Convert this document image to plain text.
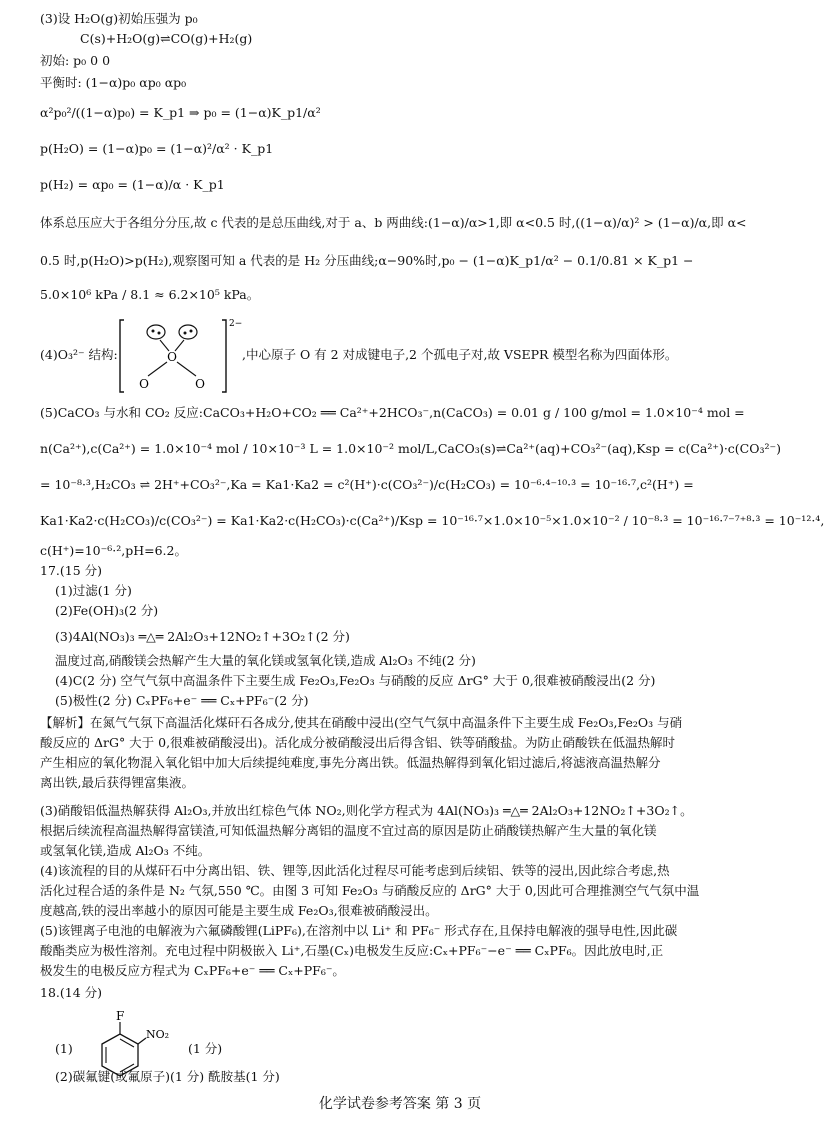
(3)设 H₂O(g)初始压强为 p₀
C(s)+H₂O(g)⇌CO(g)+H₂(g)
初始: p₀ 0 0
平衡时: (1−α)p₀ αp₀ αp₀
α²p₀²/((1−α)p₀) = K_p1 ⇒ p₀ = (1−α)K_p1/α²
p(H₂O) = (1−α)p₀ = (1−α)²/α² · K_p1
p(H₂) = αp₀ = (1−α)/α · K_p1
体系总压应大于各组分分压,故 c 代表的是总压曲线,对于 a、b 两曲线:(1−α)/α>1,即 α<0.5 时,((1−α)/α)² > (1−α)/α,即 α<
0.5 时,p(H₂O)>p(H₂),观察图可知 a 代表的是 H₂ 分压曲线;α−90%时,p₀ − (1−α)K_p1/α² − 0.1/0.81 × K_p1 −
5.0×10⁶ kPa / 8.1 ≈ 6.2×10⁵ kPa。
(4)O₃²⁻ 结构:	O
O	O
2−
,中心原子 O 有 2 对成键电子,2 个孤电子对,故 VSEPR 模型名称为四面体形。
(5)CaCO₃ 与水和 CO₂ 反应:CaCO₃+H₂O+CO₂ ══ Ca²⁺+2HCO₃⁻,n(CaCO₃) = 0.01 g / 100 g/mol = 1.0×10⁻⁴ mol =
n(Ca²⁺),c(Ca²⁺) = 1.0×10⁻⁴ mol / 10×10⁻³ L = 1.0×10⁻² mol/L,CaCO₃(s)⇌Ca²⁺(aq)+CO₃²⁻(aq),Ksp = c(Ca²⁺)·c(CO₃²⁻)
= 10⁻⁸·³,H₂CO₃ ⇌ 2H⁺+CO₃²⁻,Ka = Ka1·Ka2 = c²(H⁺)·c(CO₃²⁻)/c(H₂CO₃) = 10⁻⁶·⁴⁻¹⁰·³ = 10⁻¹⁶·⁷,c²(H⁺) =
Ka1·Ka2·c(H₂CO₃)/c(CO₃²⁻) = Ka1·Ka2·c(H₂CO₃)·c(Ca²⁺)/Ksp = 10⁻¹⁶·⁷×1.0×10⁻⁵×1.0×10⁻² / 10⁻⁸·³ = 10⁻¹⁶·⁷⁻⁷⁺⁸·³ = 10⁻¹²·⁴,
c(H⁺)=10⁻⁶·²,pH=6.2。
17.(15 分)
(1)过滤(1 分)
(2)Fe(OH)₃(2 分)
(3)4Al(NO₃)₃ ═△═ 2Al₂O₃+12NO₂↑+3O₂↑(2 分)
温度过高,硝酸镁会热解产生大量的氧化镁或氢氧化镁,造成 Al₂O₃ 不纯(2 分)
(4)C(2 分) 空气气氛中高温条件下主要生成 Fe₂O₃,Fe₂O₃ 与硝酸的反应 ΔrG° 大于 0,很难被硝酸浸出(2 分)
(5)极性(2 分) CₓPF₆+e⁻ ══ Cₓ+PF₆⁻(2 分)
【解析】在氮气气氛下高温活化煤矸石各成分,使其在硝酸中浸出(空气气氛中高温条件下主要生成 Fe₂O₃,Fe₂O₃ 与硝
酸反应的 ΔrG° 大于 0,很难被硝酸浸出)。活化成分被硝酸浸出后得含铝、铁等硝酸盐。为防止硝酸铁在低温热解时
产生相应的氧化物混入氧化铝中加大后续提纯难度,事先分离出铁。低温热解得到氧化铝过滤后,将滤液高温热解分
离出铁,最后获得锂富集液。
(3)硝酸铝低温热解获得 Al₂O₃,并放出红棕色气体 NO₂,则化学方程式为 4Al(NO₃)₃ ═△═ 2Al₂O₃+12NO₂↑+3O₂↑。
根据后续流程高温热解得富镁渣,可知低温热解分离铝的温度不宜过高的原因是防止硝酸镁热解产生大量的氧化镁
或氢氧化镁,造成 Al₂O₃ 不纯。
(4)该流程的目的从煤矸石中分离出铝、铁、锂等,因此活化过程尽可能考虑到后续铝、铁等的浸出,因此综合考虑,热
活化过程合适的条件是 N₂ 气氛,550 ℃。由图 3 可知 Fe₂O₃ 与硝酸反应的 ΔrG° 大于 0,因此可合理推测空气气氛中温
度越高,铁的浸出率越小的原因可能是主要生成 Fe₂O₃,很难被硝酸浸出。
(5)该锂离子电池的电解液为六氟磷酸锂(LiPF₆),在溶剂中以 Li⁺ 和 PF₆⁻ 形式存在,且保持电解液的强导电性,因此碳
酸酯类应为极性溶剂。充电过程中阴极嵌入 Li⁺,石墨(Cₓ)电极发生反应:Cₓ+PF₆⁻−e⁻ ══ CₓPF₆。因此放电时,正
极发生的电极反应方程式为 CₓPF₆+e⁻ ══ Cₓ+PF₆⁻。
18.(14 分)
(1)
F
NO₂
(1 分)
(2)碳氟键(或氟原子)(1 分) 酰胺基(1 分)
化学试卷参考答案 第 3 页
